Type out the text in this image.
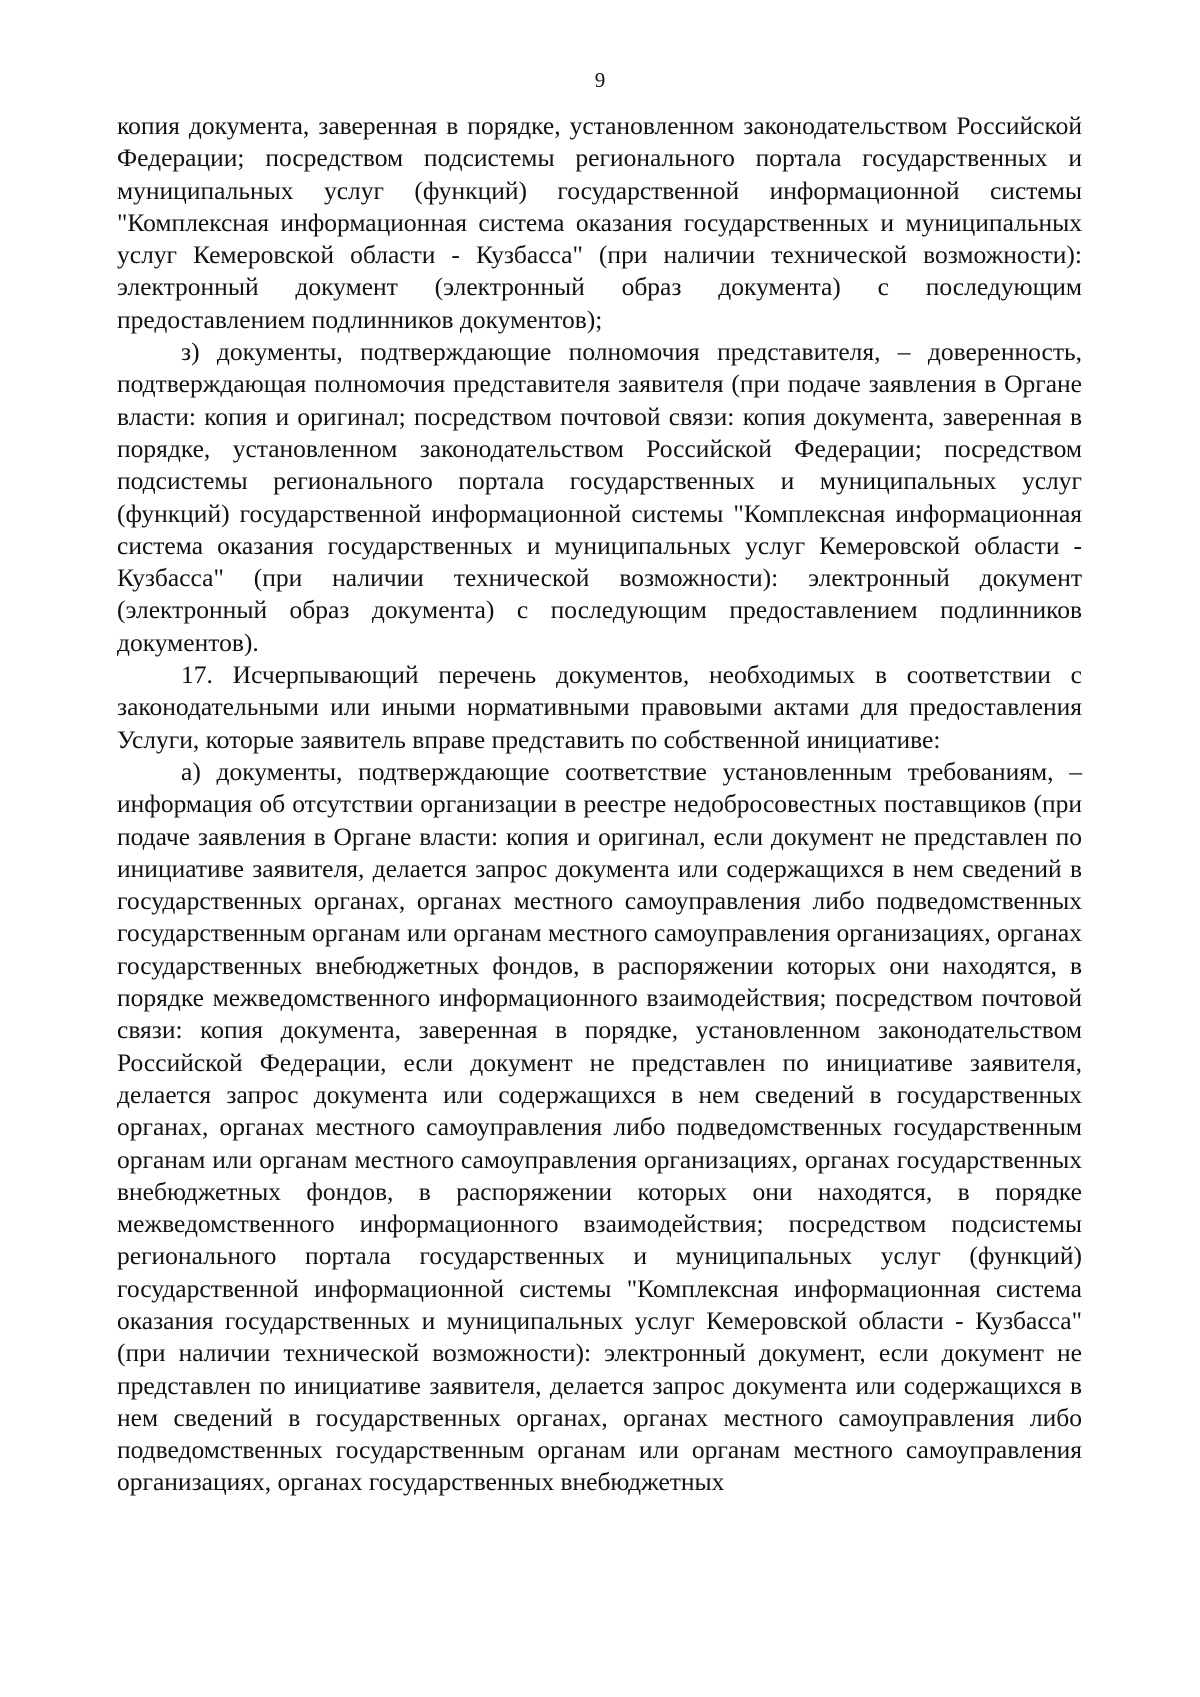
9

копия документа, заверенная в порядке, установленном законодательством Российской Федерации; посредством подсистемы регионального портала государственных и муниципальных услуг (функций) государственной информационной системы "Комплексная информационная система оказания государственных и муниципальных услуг Кемеровской области - Кузбасса" (при наличии технической возможности): электронный документ (электронный образ документа) с последующим предоставлением подлинников документов);

з) документы, подтверждающие полномочия представителя, – доверенность, подтверждающая полномочия представителя заявителя (при подаче заявления в Органе власти: копия и оригинал; посредством почтовой связи: копия документа, заверенная в порядке, установленном законодательством Российской Федерации; посредством подсистемы регионального портала государственных и муниципальных услуг (функций) государственной информационной системы "Комплексная информационная система оказания государственных и муниципальных услуг Кемеровской области - Кузбасса" (при наличии технической возможности): электронный документ (электронный образ документа) с последующим предоставлением подлинников документов).

17. Исчерпывающий перечень документов, необходимых в соответствии с законодательными или иными нормативными правовыми актами для предоставления Услуги, которые заявитель вправе представить по собственной инициативе:

а) документы, подтверждающие соответствие установленным требованиям, – информация об отсутствии организации в реестре недобросовестных поставщиков (при подаче заявления в Органе власти: копия и оригинал, если документ не представлен по инициативе заявителя, делается запрос документа или содержащихся в нем сведений в государственных органах, органах местного самоуправления либо подведомственных государственным органам или органам местного самоуправления организациях, органах государственных внебюджетных фондов, в распоряжении которых они находятся, в порядке межведомственного информационного взаимодействия; посредством почтовой связи: копия документа, заверенная в порядке, установленном законодательством Российской Федерации, если документ не представлен по инициативе заявителя, делается запрос документа или содержащихся в нем сведений в государственных органах, органах местного самоуправления либо подведомственных государственным органам или органам местного самоуправления организациях, органах государственных внебюджетных фондов, в распоряжении которых они находятся, в порядке межведомственного информационного взаимодействия; посредством подсистемы регионального портала государственных и муниципальных услуг (функций) государственной информационной системы "Комплексная информационная система оказания государственных и муниципальных услуг Кемеровской области - Кузбасса" (при наличии технической возможности): электронный документ, если документ не представлен по инициативе заявителя, делается запрос документа или содержащихся в нем сведений в государственных органах, органах местного самоуправления либо подведомственных государственным органам или органам местного самоуправления организациях, органах государственных внебюджетных
